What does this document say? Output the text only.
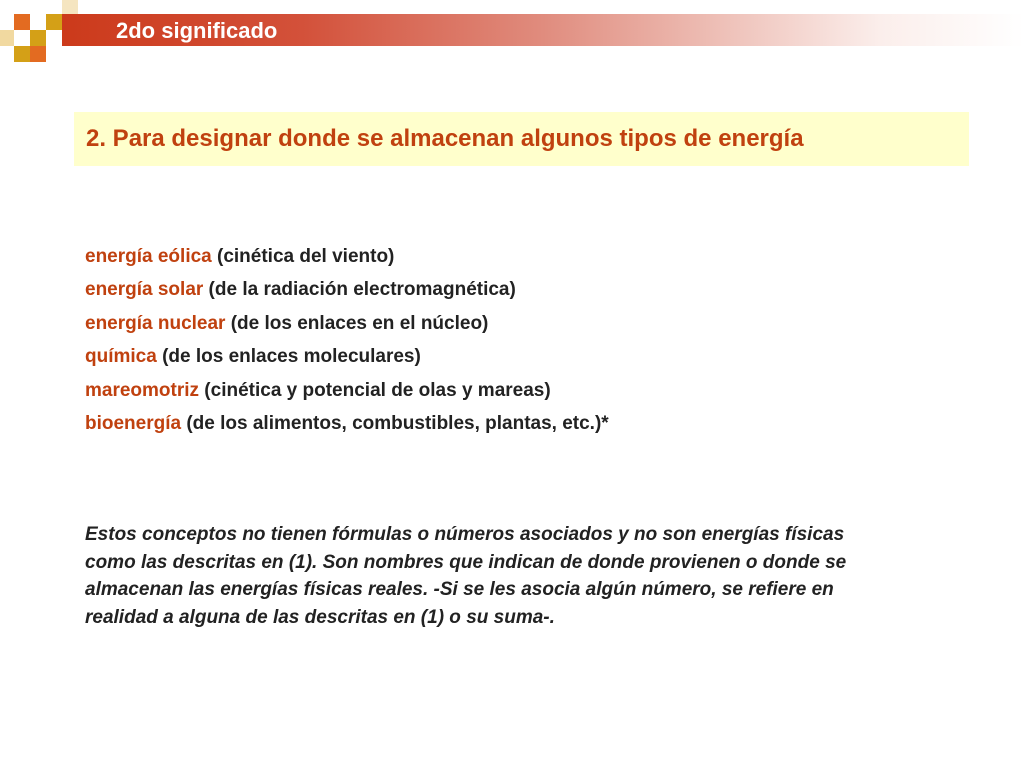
2do significado
2. Para designar donde se almacenan algunos tipos de energía
energía eólica (cinética del viento)
energía solar (de la radiación electromagnética)
energía nuclear (de los enlaces en el núcleo)
química (de los enlaces moleculares)
mareomotriz (cinética y potencial de olas y mareas)
bioenergía (de los alimentos, combustibles, plantas, etc.)*

Estos conceptos no tienen fórmulas o números asociados y no son energías físicas como las descritas en (1). Son nombres que indican de donde provienen o donde se almacenan las energías físicas reales. -Si se les asocia algún número, se refiere en realidad a alguna de las descritas en (1) o su suma-.
